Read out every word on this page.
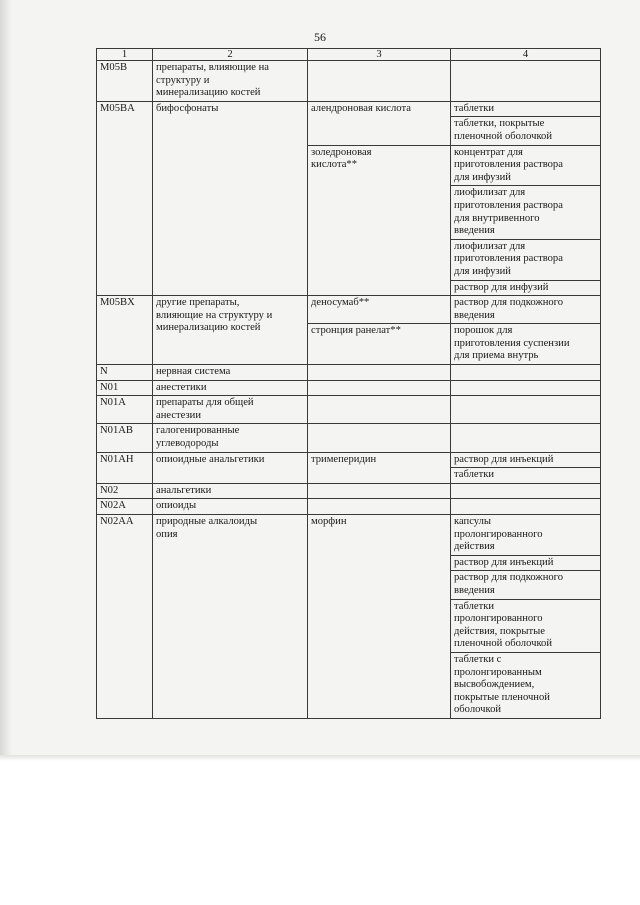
56
1	2	3	4
M05B	препараты, влияющие на
структуру и
минерализацию костей		
M05BA	бифосфонаты	алендроновая кислота	таблетки
			таблетки, покрытые
пленочной оболочкой
		золедроновая
кислота**	концентрат для
приготовления раствора
для инфузий
			лиофилизат для
приготовления раствора
для внутривенного
введения
			лиофилизат для
приготовления раствора
для инфузий
			раствор для инфузий
M05BX	другие препараты,
влияющие на структуру и
минерализацию костей	деносумаб**	раствор для подкожного
введения
		стронция ранелат**	порошок для
приготовления суспензии
для приема внутрь
N	нервная система		
N01	анестетики		
N01A	препараты для общей
анестезии		
N01AB	галогенированные
углеводороды		
N01AH	опиоидные анальгетики	тримеперидин	раствор для инъекций
			таблетки
N02	анальгетики		
N02A	опиоиды		
N02AA	природные алкалоиды
опия	морфин	капсулы
пролонгированного
действия
			раствор для инъекций
			раствор для подкожного
введения
			таблетки
пролонгированного
действия, покрытые
пленочной оболочкой
			таблетки с
пролонгированным
высвобождением,
покрытые пленочной
оболочкой
